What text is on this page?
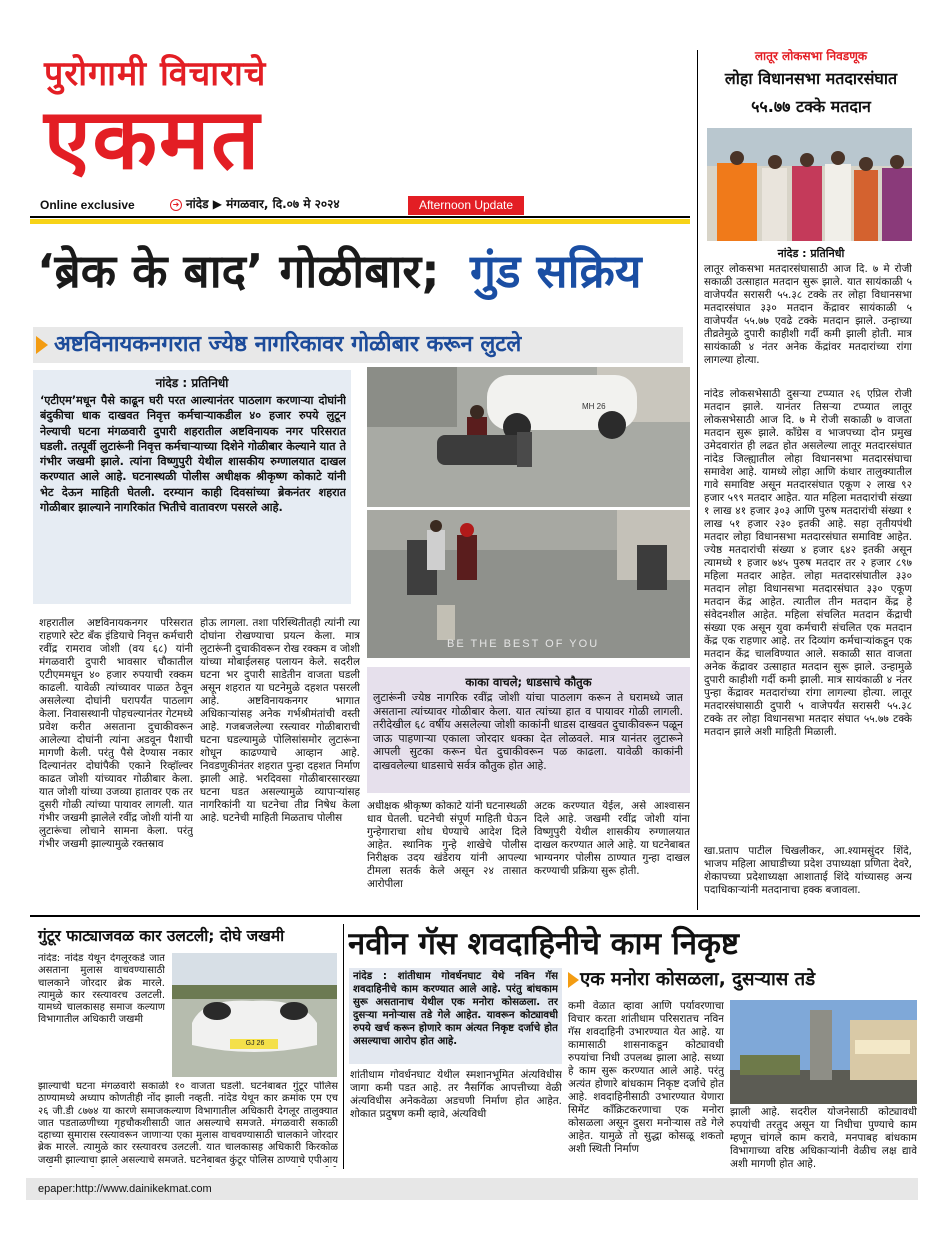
पुरोगामी विचाराचे
एकमत
Online exclusive	➜ नांदेड ▶ मंगळवार, दि.०७ मे २०२४	Afternoon Update
‘ब्रेक के बाद’ गोळीबार; गुंड सक्रिय
अष्टविनायकनगरात ज्येष्ठ नागरिकावर गोळीबार करून लुटले
नांदेड : प्रतिनिधी
‘एटीएम’मधून पैसे काढून घरी परत आल्यानंतर पाठलाग करणाऱ्या दोघांनी बंदुकीचा धाक दाखवत निवृत्त कर्मचाऱ्याकडील ४० हजार रुपये लुटून नेल्याची घटना मंगळवारी दुपारी शहरातील अष्टविनायक नगर परिसरात घडली. तत्पूर्वी लुटारूंनी निवृत्त कर्मचाऱ्याच्या दिशेने गोळीबार केल्याने यात ते गंभीर जखमी झाले. त्यांना विष्णुपुरी येथील शासकीय रुग्णालयात दाखल करण्यात आले आहे. घटनास्थळी पोलीस अधीक्षक श्रीकृष्ण कोकाटे यांनी भेट देऊन माहिती घेतली. दरम्यान काही दिवसांच्या ब्रेकनंतर शहरात गोळीबार झाल्याने नागरिकांत भितीचे वातावरण पसरले आहे.
BE THE BEST OF YOU
MH 26
काका वाचले; धाडसाचे कौतुक
लुटारूंनी ज्येष्ठ नागरिक रवींद्र जोशी यांचा पाठलाग करून ते घरामध्ये जात असताना त्यांच्यावर गोळीबार केला. यात त्यांच्या हात व पायावर गोळी लागली. तरीदेखील ६८ वर्षीय असलेल्या जोशी काकांनी धाडस दाखवत दुचाकीवरून पळून जाऊ पाहणाऱ्या एकाला जोरदार धक्का देत लोळवले. मात्र यानंतर लुटारूने आपली सुटका करून घेत दुचाकीवरून पळ काढला. यावेळी काकांनी दाखवलेल्या धाडसाचे सर्वत्र कौतुक होत आहे.
शहरातील अष्टविनायकनगर परिसरात राहणारे स्टेट बँक इंडियाचे निवृत्त कर्मचारी रवींद्र रामराव जोशी (वय ६८) यांनी मंगळवारी दुपारी भावसार चौकातील एटीएममधून ४० हजार रुपयाची रक्कम काढली. यावेळी त्यांच्यावर पाळत ठेवून असलेल्या दोघांनी घरापर्यंत पाठलाग केला. निवासस्थानी पोहचल्यानंतर गेटमध्ये प्रवेश करीत असताना दुचाकीवरून आलेल्या दोघांनी त्यांना अडवून पैशाची मागणी केली. परंतु पैसे देण्यास नकार दिल्यानंतर दोघांपैकी एकाने रिव्हॉल्वर काढत जोशी यांच्यावर गोळीबार केला. यात जोशी यांच्या उजव्या हातावर एक तर दुसरी गोळी त्यांच्या पायावर लागली. यात गंभीर जखमी झालेले रवींद्र जोशी यांनी या लुटारूंचा लोचाने सामना केला. परंतु गंभीर जखमी झाल्यामुळे रक्तस्राव
होऊ लागला. तशा परिस्थितीतही त्यांनी त्या दोघांना रोखण्याचा प्रयत्न केला. मात्र लुटारूंनी दुचाकीवरून रोख रक्कम व जोशी यांच्या मोबाईलसह पलायन केले. सदरील घटना भर दुपारी साडेतीन वाजता घडली असून शहरात या घटनेमुळे दहशत पसरली आहे. अष्टविनायकनगर भागात अधिकाऱ्यांसह अनेक गर्भश्रीमंतांची वस्ती आहे. गजबजलेल्या रस्त्यावर गोळीबाराची घटना घडल्यामुळे पोलिसांसमोर लुटारूंना शोधून काढण्याचे आव्हान आहे. निवडणुकीनंतर शहरात पुन्हा दहशत निर्माण झाली आहे. भरदिवसा गोळीबारसारख्या घटना घडत असल्यामुळे व्यापाऱ्यांसह नागरिकांनी या घटनेचा तीव्र निषेध केला आहे. घटनेची माहिती मिळताच पोलीस
अधीक्षक श्रीकृष्ण कोकाटे यांनी घटनास्थळी धाव घेतली. घटनेची संपूर्ण माहिती घेऊन गुन्हेगाराचा शोध घेण्याचे आदेश दिले आहेत. स्थानिक गुन्हे शाखेचे पोलीस निरीक्षक उदय खंडेराय यांनी आपल्या टीमला सतर्क केले असून २४ तासात आरोपीला
अटक करण्यात येईल, असे आश्वासन दिले आहे. जखमी रवींद्र जोशी यांना विष्णुपुरी येथील शासकीय रुग्णालयात दाखल करण्यात आले आहे. या घटनेबाबत भाग्यनगर पोलीस ठाण्यात गुन्हा दाखल करण्याची प्रक्रिया सुरू होती.
लातूर लोकसभा निवडणूक
लोहा विधानसभा मतदारसंघात
५५.७७ टक्के मतदान
नांदेड : प्रतिनिधी
लातूर लोकसभा मतदारसंघासाठी आज दि. ७ मे रोजी सकाळी उत्साहात मतदान सुरू झाले. यात सायंकाळी ५ वाजेपर्यंत सरासरी ५५.३८ टक्के तर लोहा विधानसभा मतदारसंघात ३३० मतदान केंद्रावर सायंकाळी ५ वाजेपर्यंत ५५.७७ एवढे टक्के मतदान झाले. उन्हाच्या तीव्रतेमुळे दुपारी काहीशी गर्दी कमी झाली होती. मात्र सायंकाळी ४ नंतर अनेक केंद्रांवर मतदारांच्या रांगा लागल्या होत्या.
नांदेड लोकसभेसाठी दुसऱ्या टप्प्यात २६ एप्रिल रोजी मतदान झाले. यानंतर तिसऱ्या टप्प्यात लातूर लोकसभेसाठी आज दि. ७ मे रोजी सकाळी ७ वाजता मतदान सुरू झाले. काँग्रेस व भाजपच्या दोन प्रमुख उमेदवारांत ही लढत होत असलेल्या लातूर मतदारसंघात नांदेड जिल्ह्यातील लोहा विधानसभा मतदारसंघाचा समावेश आहे. यामध्ये लोहा आणि कंधार तालुक्यातील गावे समाविष्ट असून मतदारसंघात एकूण २ लाख ९२ हजार ५९९ मतदार आहेत. यात महिला मतदारांची संख्या १ लाख ४१ हजार ३०३ आणि पुरुष मतदारांची संख्या १ लाख ५१ हजार २३० इतकी आहे. सहा तृतीयपंथी मतदार लोहा विधानसभा मतदारसंघात समाविष्ट आहेत. ज्येष्ठ मतदारांची संख्या ४ हजार ६४२ इतकी असून त्यामध्ये १ हजार ७४५ पुरुष मतदार तर २ हजार ८९७ महिला मतदार आहेत. लोहा मतदारसंघातील ३३० मतदान लोहा विधानसभा मतदारसंघात ३३० एकूण मतदान केंद्र आहेत. त्यातील तीन मतदान केंद्र हे संवेदनशील आहेत. महिला संचलित मतदान केंद्राची संख्या एक असून युवा कर्मचारी संचलित एक मतदान केंद्र एक राहणार आहे. तर दिव्यांग कर्मचाऱ्यांकडून एक मतदान केंद्र चालविण्यात आले. सकाळी सात वाजता अनेक केंद्रावर उत्साहात मतदान सुरू झाले. उन्हामुळे दुपारी काहीशी गर्दी कमी झाली. मात्र सायंकाळी ४ नंतर पुन्हा केंद्रावर मतदारांच्या रांगा लागल्या होत्या. लातूर मतदारसंघासाठी दुपारी ५ वाजेपर्यंत सरासरी ५५.३८ टक्के तर लोहा विधानसभा मतदार संघात ५५.७७ टक्के मतदान झाले अशी माहिती मिळाली.
खा.प्रताप पाटील चिखलीकर, आ.श्यामसुंदर शिंदे, भाजप महिला आघाडीच्या प्रदेश उपाध्यक्षा प्रणिता देवरे, शेकापच्या प्रदेशाध्यक्षा आशाताई शिंदे यांच्यासह अन्य पदाधिकाऱ्यांनी मतदानाचा हक्क बजावला.
गुंटूर फाट्याजवळ कार उलटली; दोघे जखमी
नांदेड: नांदेड येथून देगलूरकडे जात असताना मुलास वाचवण्यासाठी चालकाने जोरदार ब्रेक मारले. त्यामुळे कार रस्त्यावरच उलटली. यामध्ये चालकासह समाज कल्याण विभागातील अधिकारी जखमी
GJ 26
झाल्याची घटना मंगळवारी सकाळी १० वाजता घडली. घटनेबाबत गुंटूर पोलिस ठाण्यामध्ये अध्याप कोणतीही नोंद झाली नव्हती. नांदेड येथून कार क्रमांक एम एच २६ जी.डी ८७७४ या कारणे समाजकल्याण विभागातील अधिकारी देगलूर तालुक्यात जात पडताळणीच्या गृहचौकशीसाठी जात असल्याचे समजते. मंगळवारी सकाळी दहाच्या सुमारास रस्त्यावरून जाणाऱ्या एका मुलास वाचवण्यासाठी चालकाने जोरदार ब्रेक मारले. त्यामुळे कार रस्त्यावरच उलटली. यात चालकासह अधिकारी किरकोळ जखमी झाल्याचा झाले असल्याचे समजते. घटनेबाबत कुंटूर पोलिस ठाण्याचे एपीआय
नवीन गॅस शवदाहिनीचे काम निकृष्ट
एक मनोरा कोसळला, दुसऱ्यास तडे
नांदेड : शांतीधाम गोवर्धनघाट येथे नविन गॅस शवदाहिनीचे काम करण्यात आले आहे. परंतु बांधकाम सुरू असतानाच येथील एक मनोरा कोसळला. तर दुसऱ्या मनोऱ्यास तडे गेले आहेत. यावरून कोट्यावधी रुपये खर्च करून होणारे काम अंत्यत निकृष्ट दर्जाचे होत असल्याचा आरोप होत आहे.
शांतीधाम गोवर्धनघाट येथील स्मशानभूमित अंत्यविधीस जागा कमी पडत आहे. तर नैसर्गिक आपत्तीच्या वेळी अंत्यविधीस अनेकवेळा अडचणी निर्माण होत आहेत. शोकात प्रदुषण कमी व्हावे, अंत्यविधी
कमी वेळात व्हावा आणि पर्यावरणाचा विचार करता शांतीधाम परिसरातच नविन गॅस शवदाहिनी उभारण्यात येत आहे. या कामासाठी शासनाकडून कोट्यावधी रुपयांचा निधी उपलब्ध झाला आहे. सध्या हे काम सुरू करण्यात आले आहे. परंतु अत्यंत होणारे बांधकाम निकृष्ट दर्जाचे होत आहे. शवदाहिनीसाठी उभारण्यात येणारा सिमेंट कॉंक्रिटकरणाचा एक मनोरा कोसळला असून दुसरा मनोऱ्यास तडे गेले आहेत. यामुळे तो सुद्धा कोसळू शकतो अशी स्थिती निर्माण
झाली आहे. सदरील योजनेसाठी कोट्यावधी रुपयांची तरतुद असून या निधीचा पुण्याचे काम म्हणून चांगले काम करावे, मनपाबह बांधकाम विभागाच्या वरिष्ठ अधिकाऱ्यांनी वेळीच लक्ष द्यावे अशी मागणी होत आहे.
epaper:http://www.dainikekmat.com
